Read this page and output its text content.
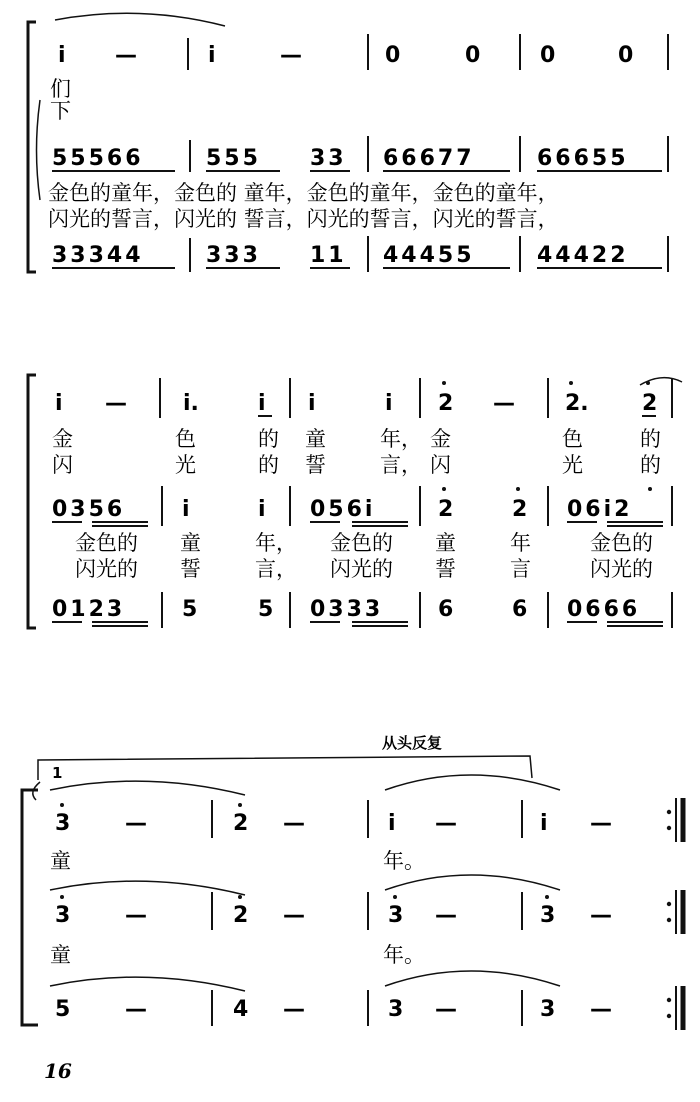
i —	i	—	0	0	0	0
们
下
55566	555 33 66677	66655
金色的童年，金色的 童年，金色的童年，金色的童年，
闪光的誓言，闪光的 誓言，闪光的誓言，闪光的誓言，
33344	333 11 44455	44422
i —	i.	i i	i 2 — 2. 2
金	色	的 童	年， 金	色	的
闪	光	的 誓	言， 闪	光	的
0356	i	i 056i	2	2 06i2
金色的 童	年， 金色的 童	年	金色的
闪光的 誓	言， 闪光的 誓	言	闪光的
0123	5	5 0333 6	6 0666
从头反复
1
3 —	2 —	i —	i —
童	年。
3 —	2 —	3 —	3 —
童	年。
5 —	4 —	3 —	3 —
16
